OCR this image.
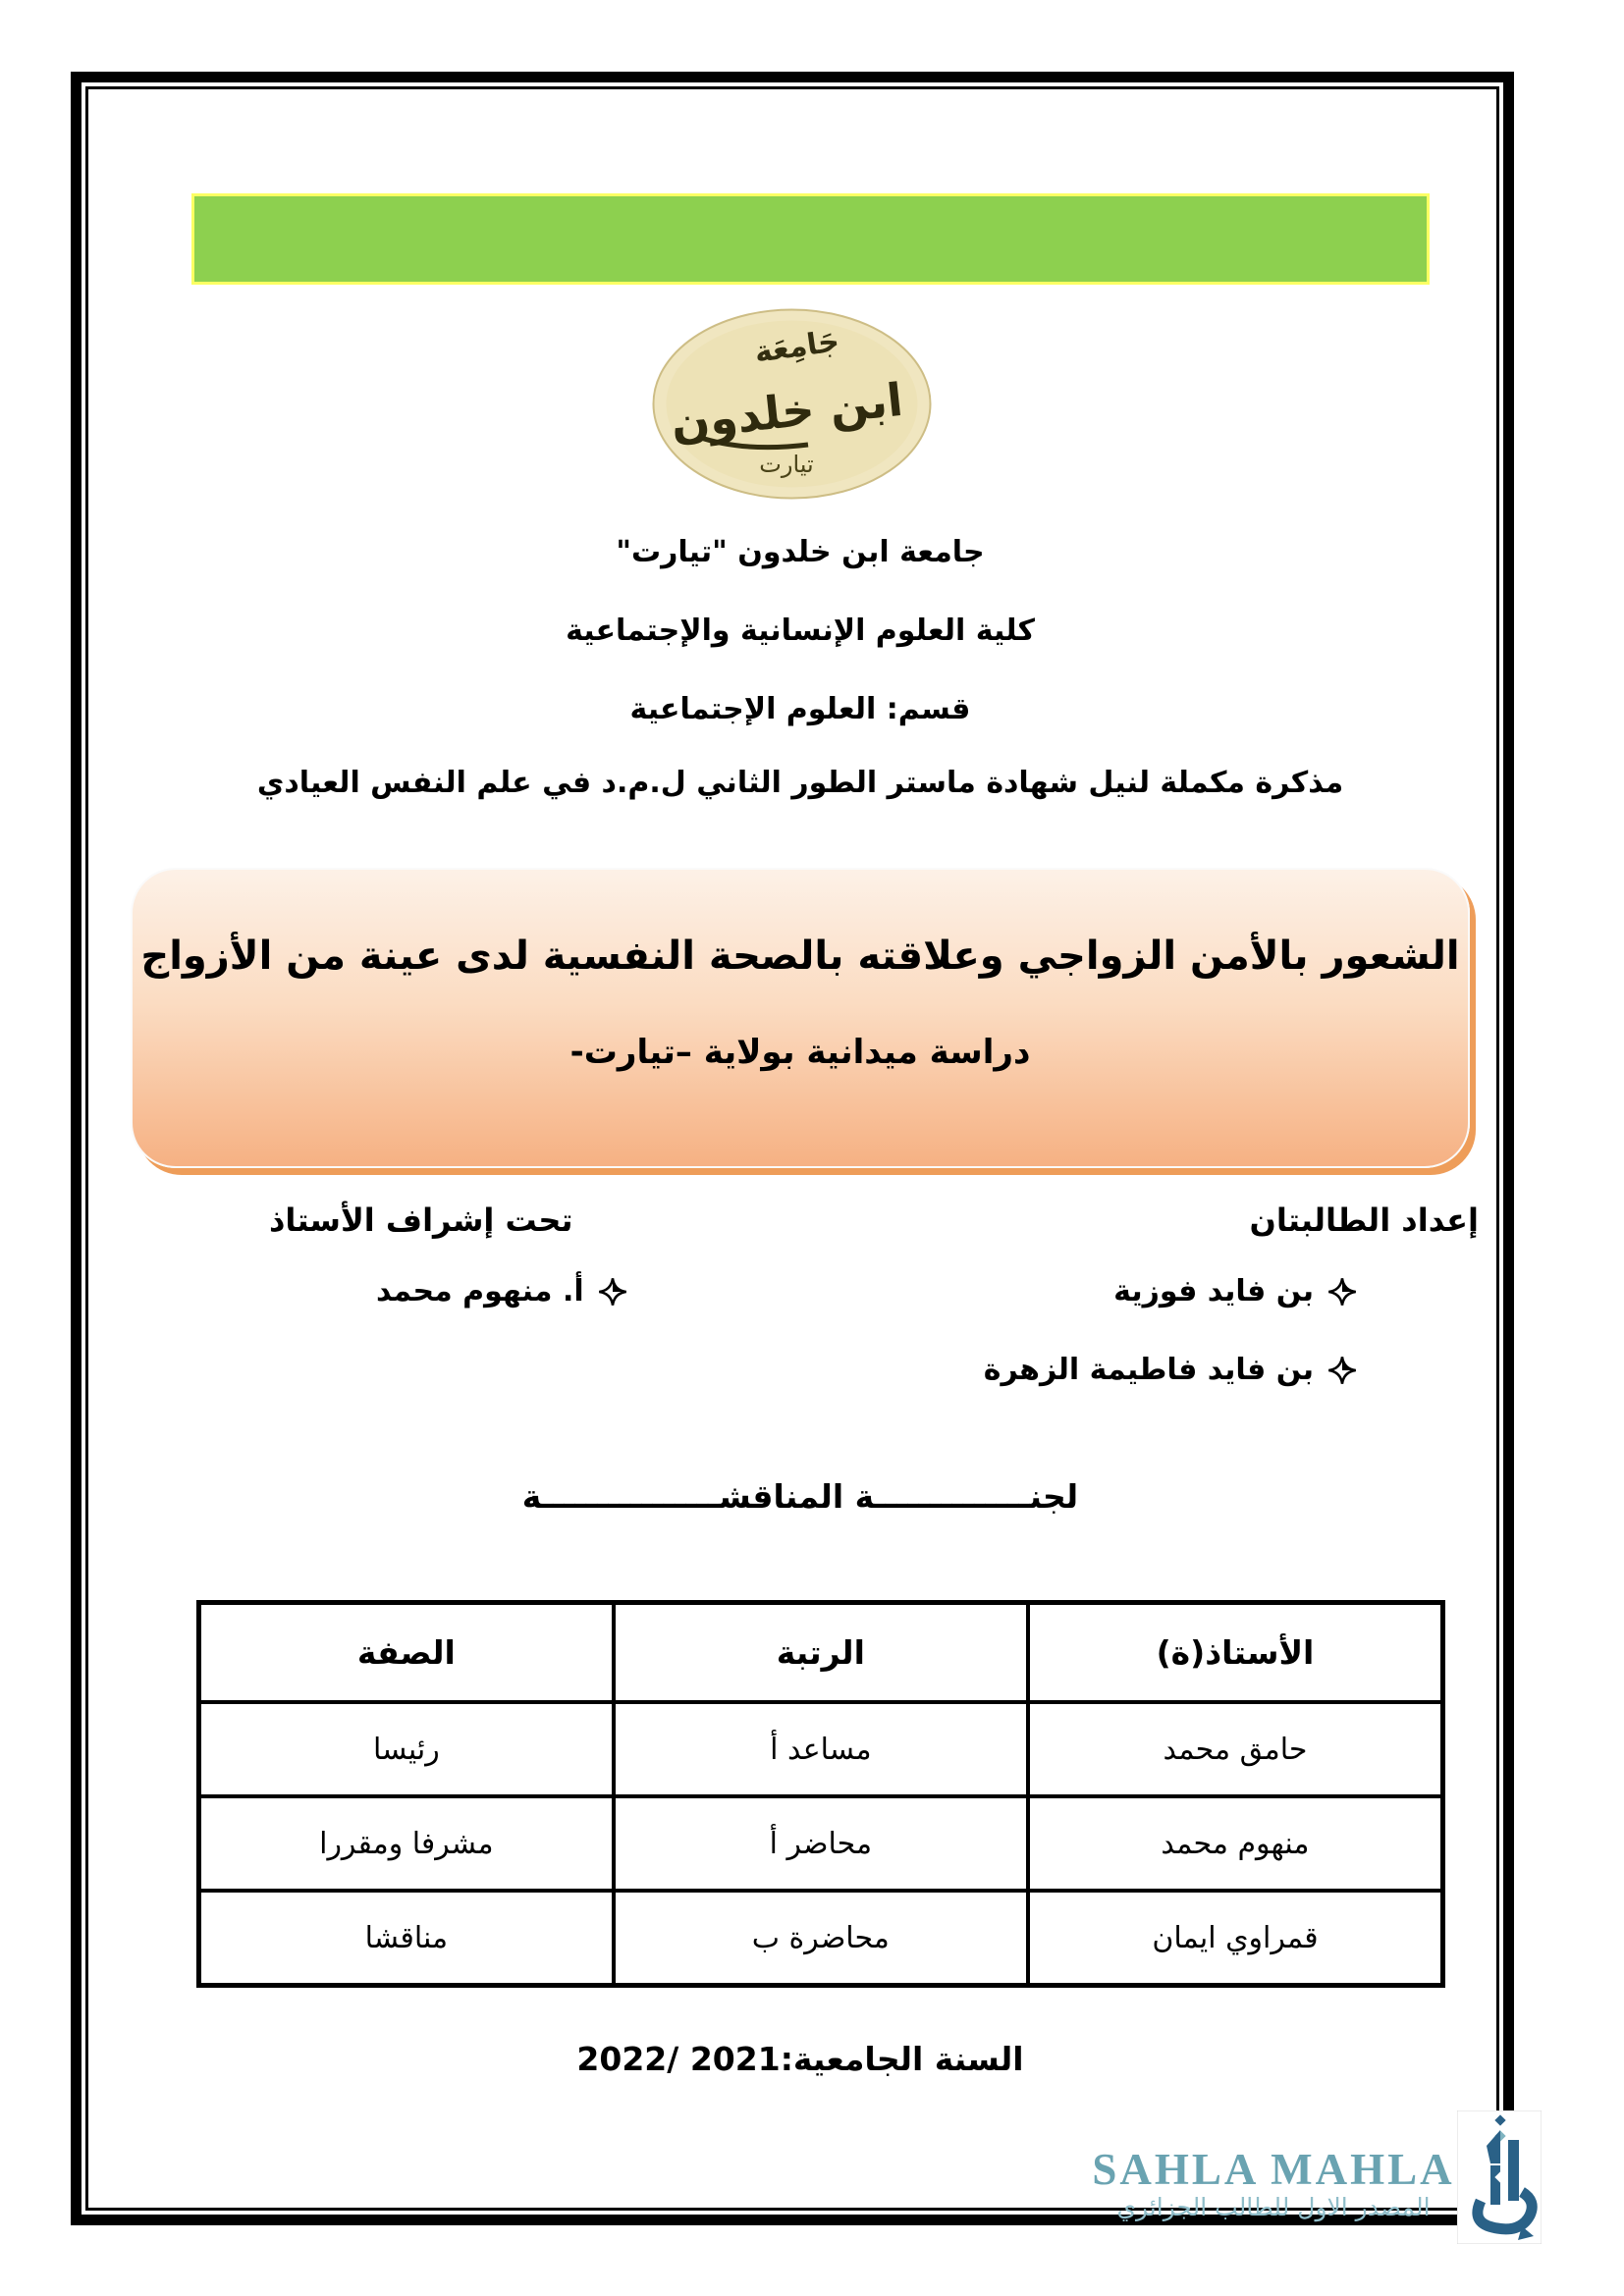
جَامِعَة
ابن خلدون
تيارت
جامعة ابن خلدون "تيارت"
كلية العلوم الإنسانية والإجتماعية
قسم: العلوم الإجتماعية
مذكرة مكملة لنيل شهادة ماستر الطور الثاني ل.م.د في علم النفس العيادي
الشعور بالأمن الزواجي وعلاقته بالصحة النفسية لدى عينة من الأزواج
دراسة ميدانية بولاية –تيارت-
إعداد الطالبتان
بن فايد فوزية
بن فايد فاطيمة الزهرة
تحت إشراف الأستاذ
أ. منهوم محمد
لجنــــــــــــــة المناقشــــــــــــــــة
الأستاذ(ة)	الرتبة	الصفة
حامق محمد	مساعد أ	رئيسا
منهوم محمد	محاضر أ	مشرفا ومقررا
قمراوي ايمان	محاضرة ب	مناقشا
السنة الجامعية:2021 /2022
SAHLA MAHLA
المصدر الاول للطالب الجزائري
